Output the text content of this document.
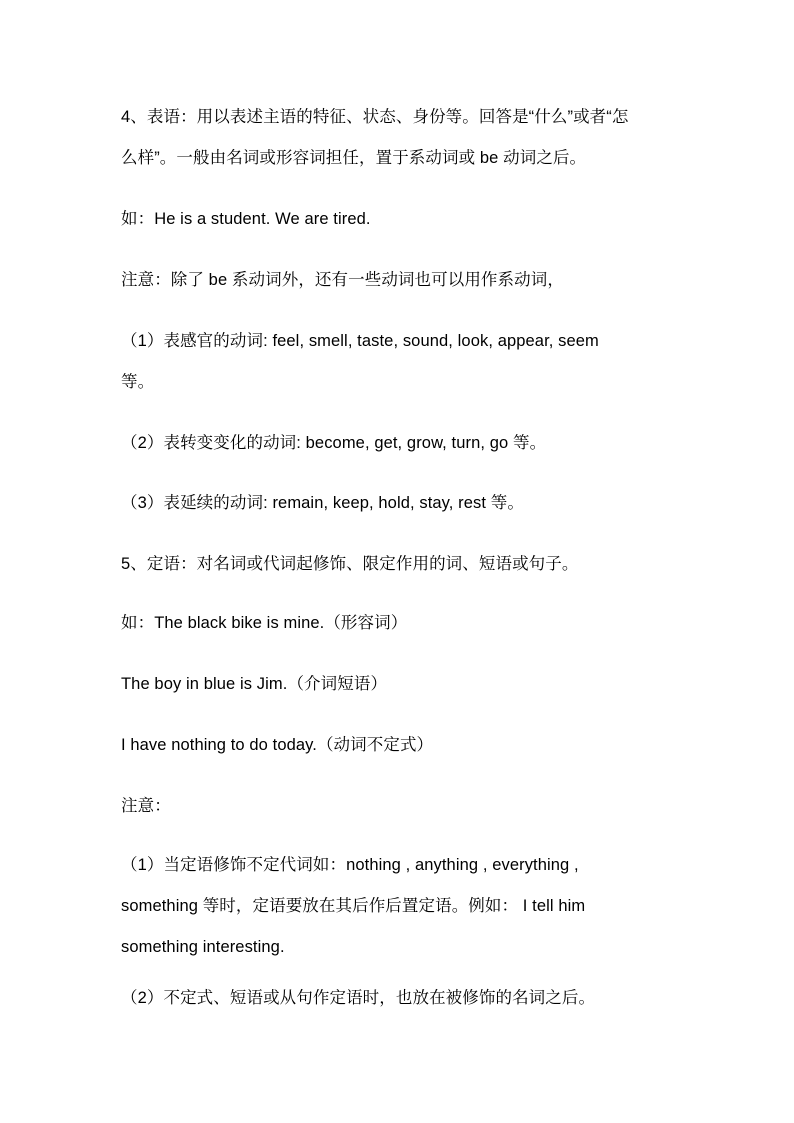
4、表语：用以表述主语的特征、状态、身份等。回答是“什么”或者“怎
么样”。一般由名词或形容词担任，置于系动词或 be 动词之后。
如：He is a student. We are tired.
注意：除了 be 系动词外，还有一些动词也可以用作系动词，
（1）表感官的动词: feel, smell, taste, sound, look, appear, seem
等。
（2）表转变变化的动词: become, get, grow, turn, go 等。
（3）表延续的动词: remain, keep, hold, stay, rest 等。
5、定语：对名词或代词起修饰、限定作用的词、短语或句子。
如：The black bike is mine.（形容词）
The boy in blue is Jim.（介词短语）
I have nothing to do today.（动词不定式）
注意：
（1）当定语修饰不定代词如：nothing , anything , everything ,
something 等时，定语要放在其后作后置定语。例如： I tell him
something interesting.
（2）不定式、短语或从句作定语时，也放在被修饰的名词之后。
